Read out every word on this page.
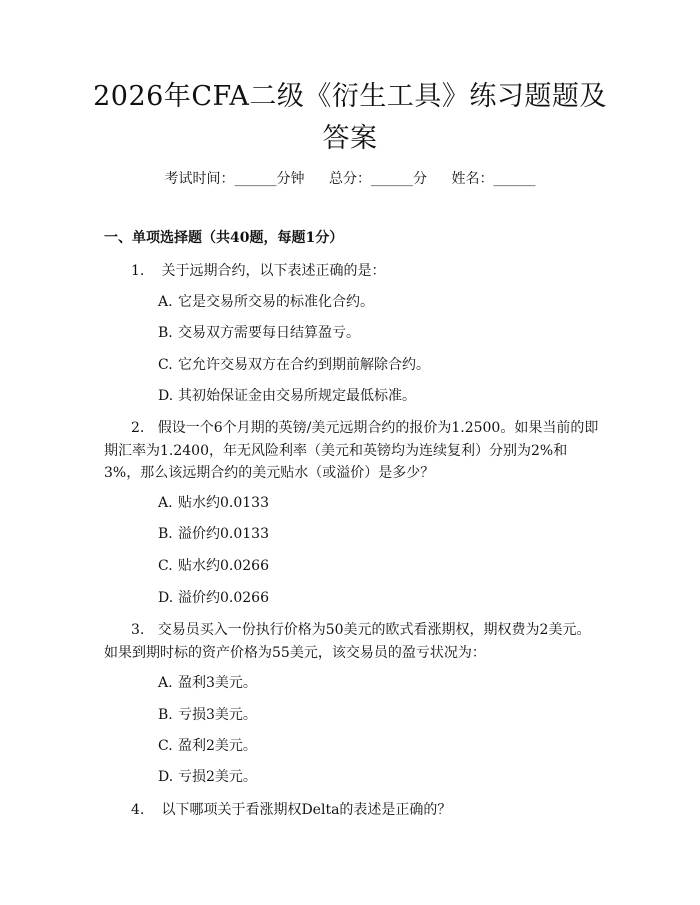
2026年CFA二级《衍生工具》练习题题及答案
考试时间：______分钟 总分：______分 姓名：______
一、单项选择题（共40题，每题1分）
1. 关于远期合约，以下表述正确的是：
A. 它是交易所交易的标准化合约。
B. 交易双方需要每日结算盈亏。
C. 它允许交易双方在合约到期前解除合约。
D. 其初始保证金由交易所规定最低标准。
2. 假设一个6个月期的英镑/美元远期合约的报价为1.2500。如果当前的即期汇率为1.2400，年无风险利率（美元和英镑均为连续复利）分别为2%和3%，那么该远期合约的美元贴水（或溢价）是多少？
A. 贴水约0.0133
B. 溢价约0.0133
C. 贴水约0.0266
D. 溢价约0.0266
3. 交易员买入一份执行价格为50美元的欧式看涨期权，期权费为2美元。如果到期时标的资产价格为55美元，该交易员的盈亏状况为：
A. 盈利3美元。
B. 亏损3美元。
C. 盈利2美元。
D. 亏损2美元。
4. 以下哪项关于看涨期权Delta的表述是正确的？
